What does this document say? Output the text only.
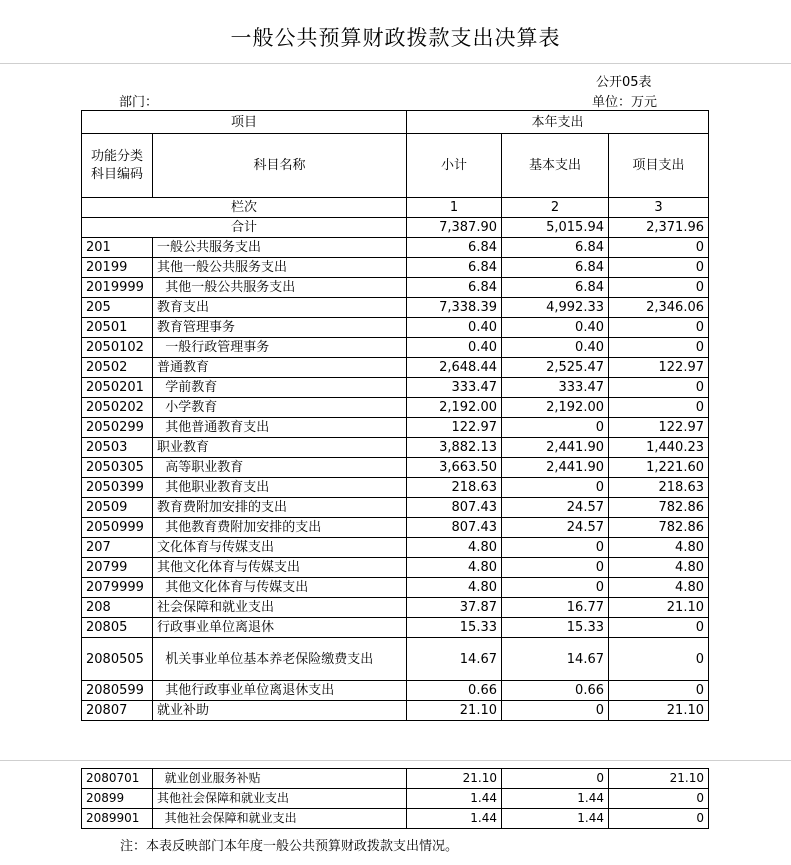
一般公共预算财政拨款支出决算表
公开05表
部门：	单位：万元
项目		本年支出		
功能分类科目编码	科目名称	小计	基本支出	项目支出
栏次		1	2	3
合计		7,387.90	5,015.94	2,371.96
201	一般公共服务支出	6.84	6.84	0
20199	其他一般公共服务支出	6.84	6.84	0
2019999	其他一般公共服务支出	6.84	6.84	0
205	教育支出	7,338.39	4,992.33	2,346.06
20501	教育管理事务	0.40	0.40	0
2050102	一般行政管理事务	0.40	0.40	0
20502	普通教育	2,648.44	2,525.47	122.97
2050201	学前教育	333.47	333.47	0
2050202	小学教育	2,192.00	2,192.00	0
2050299	其他普通教育支出	122.97	0	122.97
20503	职业教育	3,882.13	2,441.90	1,440.23
2050305	高等职业教育	3,663.50	2,441.90	1,221.60
2050399	其他职业教育支出	218.63	0	218.63
20509	教育费附加安排的支出	807.43	24.57	782.86
2050999	其他教育费附加安排的支出	807.43	24.57	782.86
207	文化体育与传媒支出	4.80	0	4.80
20799	其他文化体育与传媒支出	4.80	0	4.80
2079999	其他文化体育与传媒支出	4.80	0	4.80
208	社会保障和就业支出	37.87	16.77	21.10
20805	行政事业单位离退休	15.33	15.33	0
2080505	机关事业单位基本养老保险缴费支出	14.67	14.67	0
2080599	其他行政事业单位离退休支出	0.66	0.66	0
20807	就业补助	21.10	0	21.10
2080701	就业创业服务补贴	21.10	0	21.10
20899	其他社会保障和就业支出	1.44	1.44	0
2089901	其他社会保障和就业支出	1.44	1.44	0
注：本表反映部门本年度一般公共预算财政拨款支出情况。
